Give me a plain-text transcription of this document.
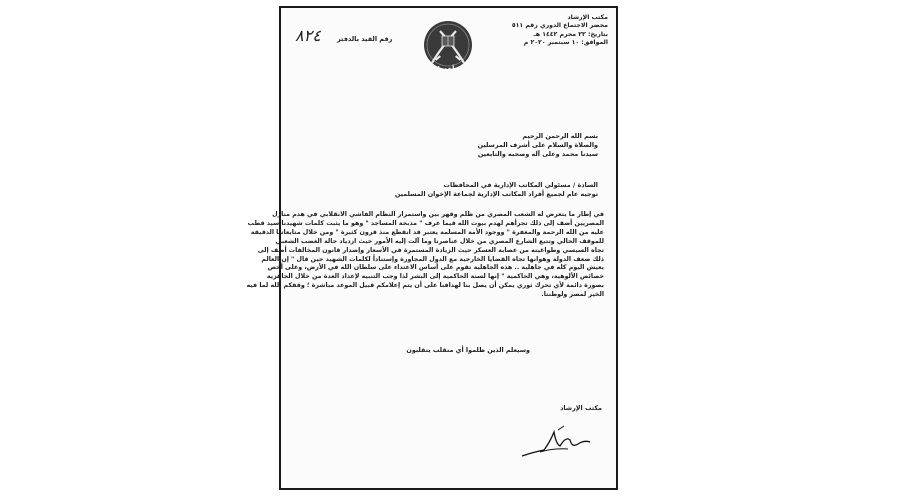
٨٢٤ رقم القيد بالدفتر
وأعدوا
مكتب الإرشاد
محضر الاجتماع الدوري رقم ٥١١
بتاريخ: ٢٢ محرم ١٤٤٢ هـ
الموافق: ١٠ سبتمبر ٢٠٢٠ م
بسم الله الرحمن الرحيم
والصلاة والسلام على أشرف المرسلين
سيدنا محمد وعلى آله وصحبه والتابعين
السادة / مسئولي المكاتب الإدارية في المحافظات
توجيه عام لجميع أفراد المكاتب الإدارية لجماعة الإخوان المسلمين
في إطار ما يتعرض له الشعب المصري من ظلم وقهر بين واستمرار النظام الفاشي الانقلابي في هدم منازل
المصريين أضف إلى ذلك تجرأهم لهدم بيوت الله فيما عرف " مذبحة المساجد " وهو ما يثبت كلمات شهيدنا سيد قطب
عليه من الله الرحمة والمغفرة " ووجود الأمة المسلمة يعتبر قد انقطع منذ قرون كثيرة " ومن خلال متابعاتنا الدقيقة
للموقف الحالي وتتبع الشارع المصري من خلال عناصرنا وما آلت إليه الأمور حيث ازدياد حالة الغضب الشعبي
تجاه السيسي وطواغيته من عصابة العسكر حيث الزيادة المستمرة في الأسعار وإصدار قانون المخالفات أضف إلى
ذلك ضعف الدولة وهوانها تجاه القضايا الخارجية مع الدول المجاورة وإستناداً لكلمات الشهيد حين قال " إن العالم
يعيش اليوم كله في جاهلية .. هذه الجاهلية تقوم على أساس الاعتداء على سلطان الله في الأرض، وعلى أخص
خصائص الألوهية، وهي الحاكمية " إنها لسنة الحاكمية إلى البشر لذا وجب التنبيه لإعداد العدة من خلال الجاهزية
بصورة دائمة لأي تحرك ثوري يمكن أن يصل بنا لهدافنا على أن يتم إعلامكم قبيل الموعد مباشرة ؛ وفقكم الله لما فيه
الخير لمصر ولوطننا.
وسيعلم الذين ظلموا أي منقلب ينقلبون
مكتب الإرشاد
